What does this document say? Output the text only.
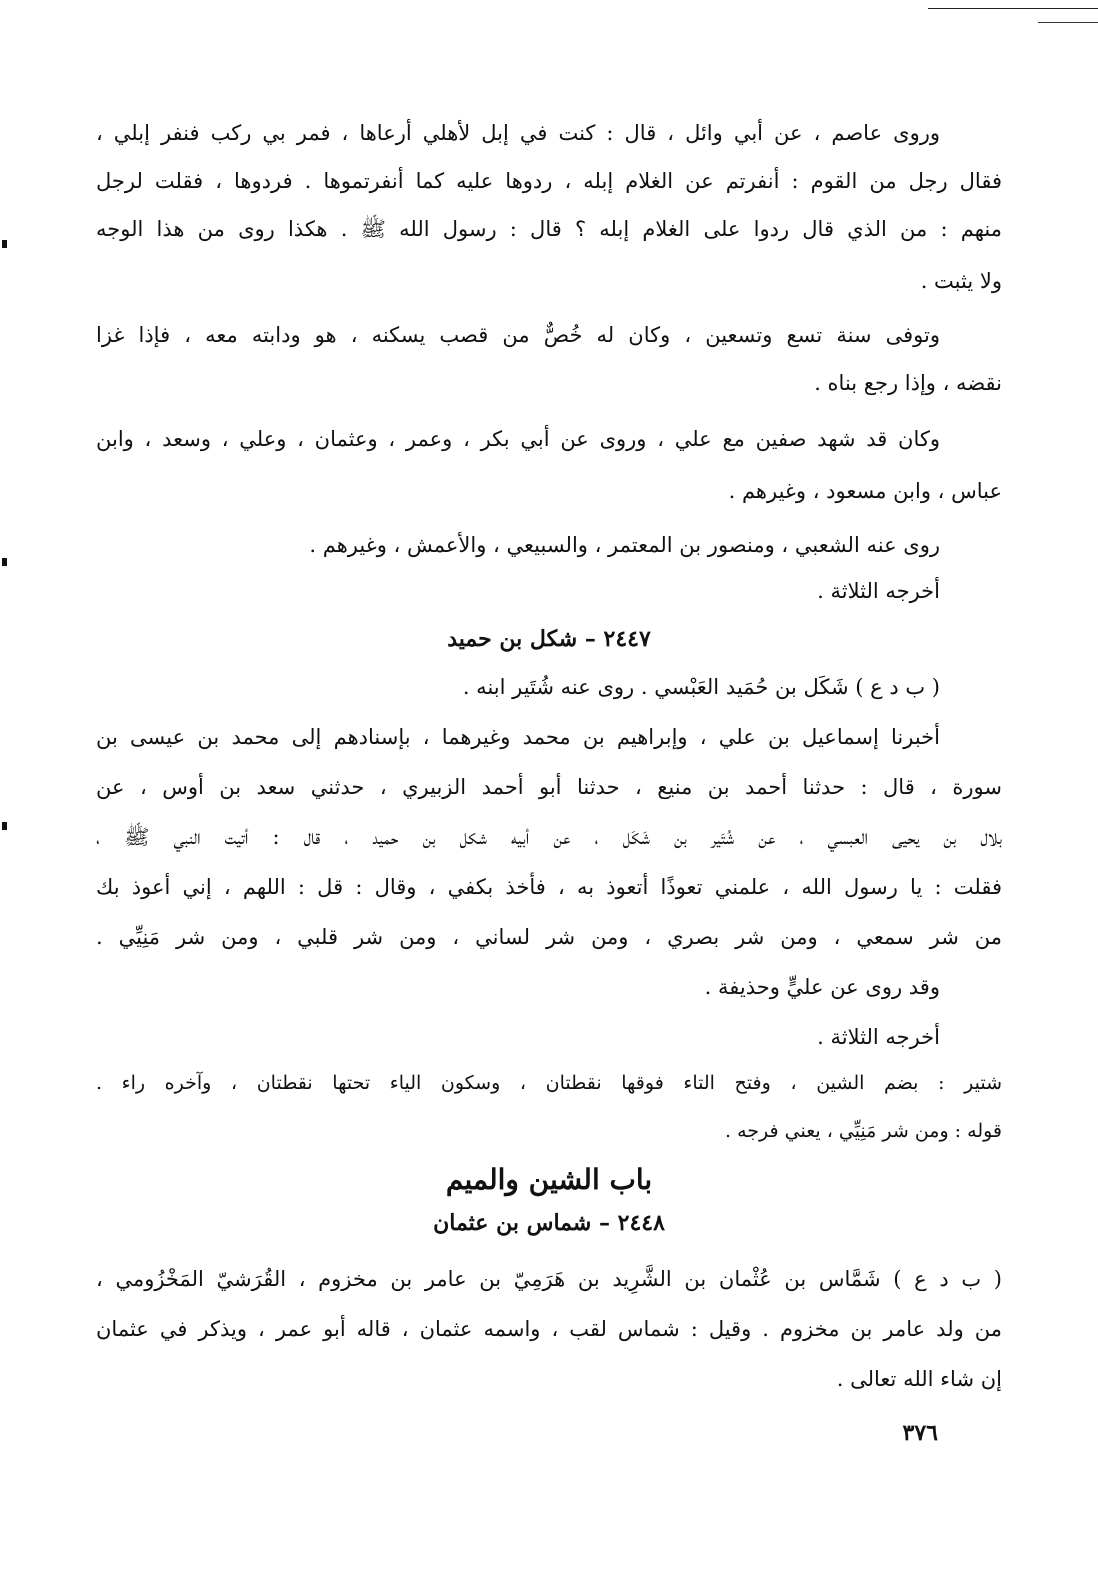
وروى عاصم ، عن أبي وائل ، قال : كنت في إبل لأهلي أرعاها ، فمر بي ركب فنفر إبلي ،
فقال رجل من القوم : أنفرتم عن الغلام إبله ، ردوها عليه كما أنفرتموها . فردوها ، فقلت لرجل
منهم : من الذي قال ردوا على الغلام إبله ؟ قال : رسول الله ﷺ . هكذا روى من هذا الوجه
ولا يثبت .
وتوفى سنة تسع وتسعين ، وكان له خُصٌّ من قصب يسكنه ، هو ودابته معه ، فإذا غزا
نقضه ، وإذا رجع بناه .
وكان قد شهد صفين مع علي ، وروى عن أبي بكر ، وعمر ، وعثمان ، وعلي ، وسعد ، وابن
عباس ، وابن مسعود ، وغيرهم .
روى عنه الشعبي ، ومنصور بن المعتمر ، والسبيعي ، والأعمش ، وغيرهم .
أخرجه الثلاثة .
٢٤٤٧ – شكل بن حميد
( ب د ع ) شَكَل بن حُمَيد العَبْسي . روى عنه شُتَير ابنه .
أخبرنا إسماعيل بن علي ، وإبراهيم بن محمد وغيرهما ، بإسنادهم إلى محمد بن عيسى بن
سورة ، قال : حدثنا أحمد بن منيع ، حدثنا أبو أحمد الزبيري ، حدثني سعد بن أوس ، عن
بلال بن يحيى العبسي ، عن شُتَير بن شَكَل ، عن أبيه شكل بن حميد ، قال : أتيت النبي ﷺ ،
فقلت : يا رسول الله ، علمني تعوذًا أتعوذ به ، فأخذ بكفي ، وقال : قل : اللهم ، إني أعوذ بك
من شر سمعي ، ومن شر بصري ، ومن شر لساني ، ومن شر قلبي ، ومن شر مَنِيِّي .
وقد روى عن عليٍّ وحذيفة .
أخرجه الثلاثة .
شتير : بضم الشين ، وفتح التاء فوقها نقطتان ، وسكون الياء تحتها نقطتان ، وآخره راء .
قوله : ومن شر مَنِيِّي ، يعني فرجه .
باب الشين والميم
٢٤٤٨ – شماس بن عثمان
( ب د ع ) شَمَّاس بن عُثْمان بن الشَّرِيد بن هَرَمِيّ بن عامر بن مخزوم ، القُرَشيّ المَخْزُومي ،
من ولد عامر بن مخزوم . وقيل : شماس لقب ، واسمه عثمان ، قاله أبو عمر ، ويذكر في عثمان
إن شاء الله تعالى .
٣٧٦
